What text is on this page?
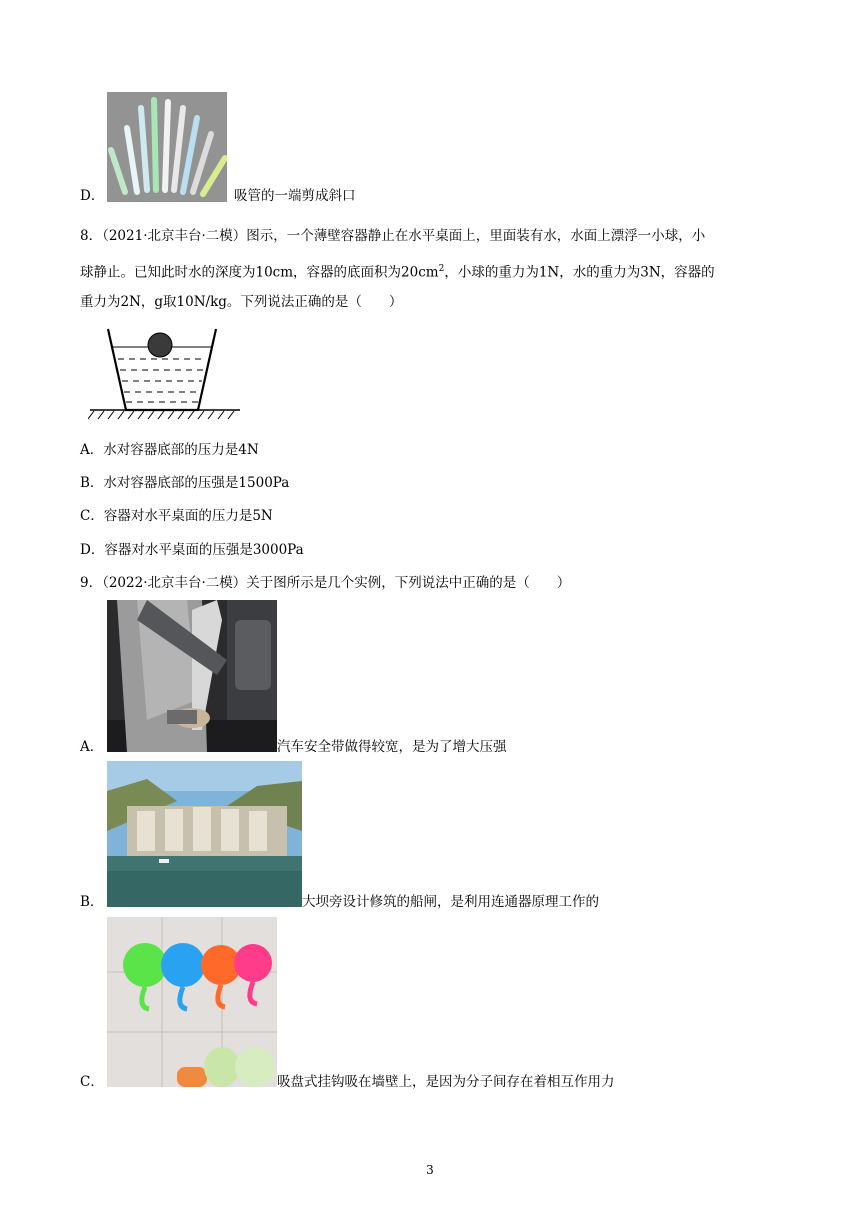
D．	吸管的一端剪成斜口
8．（2021·北京丰台·二模）图示，一个薄壁容器静止在水平桌面上，里面装有水，水面上漂浮一小球，小
球静止。已知此时水的深度为10cm，容器的底面积为$20cm^2$，小球的重力为1N，水的重力为3N，容器的
重力为2N，g取10N/kg。下列说法正确的是（　　）
A．水对容器底部的压力是4N
B．水对容器底部的压强是1500Pa
C．容器对水平桌面的压力是5N
D．容器对水平桌面的压强是3000Pa
9．（2022·北京丰台·二模）关于图所示是几个实例，下列说法中正确的是（　　）
A．	汽车安全带做得较宽，是为了增大压强
B．	大坝旁设计修筑的船闸，是利用连通器原理工作的
C．	吸盘式挂钩吸在墙壁上，是因为分子间存在着相互作用力
3
